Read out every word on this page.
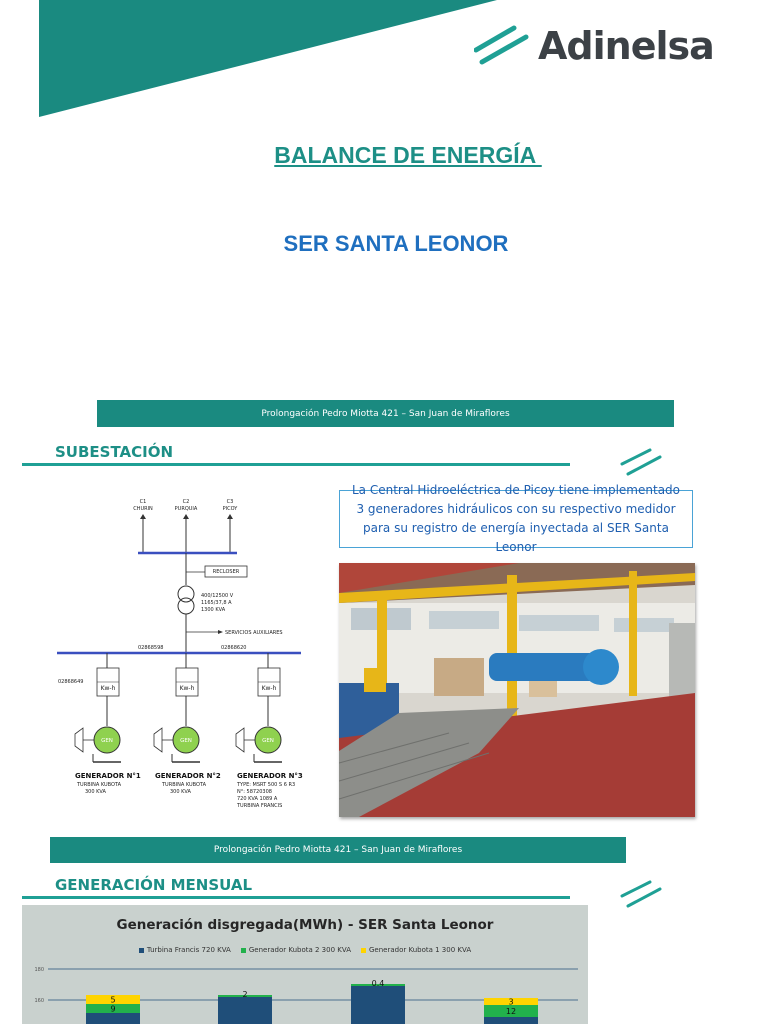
Adinelsa
BALANCE DE ENERGÍA
SER SANTA LEONOR
Prolongación Pedro Miotta 421 – San Juan de Miraflores
SUBESTACIÓN
C1
CHURIN
C2
PURQUIA
C3
PICOY
RECLOSER
400/12500 V
1165/37,8 A
1300 KVA
SERVICIOS AUXILIARES
Kw-h
02868649
GEN
GENERADOR N°1
TURBINA KUBOTA
300 KVA
Kw-h
02868598
GEN
GENERADOR N°2
TURBINA KUBOTA
300 KVA
Kw-h
02868620
GEN
GENERADOR N°3
TYPE: MSRT 500 S 6 R3
N°: 58720308
720 KVA 1089 A
TURBINA FRANCIS
La Central Hidroeléctrica de Picoy tiene implementado 3 generadores hidráulicos con su respectivo medidor para su registro de energía inyectada al SER Santa Leonor
Prolongación Pedro Miotta 421 – San Juan de Miraflores
GENERACIÓN MENSUAL
Generación disgregada(MWh) - SER Santa Leonor
Turbina Francis 720 KVA	Generador Kubota 2 300 KVA	Generador Kubota 1 300 KVA
180
160
9
5
2
0.4
12
3
